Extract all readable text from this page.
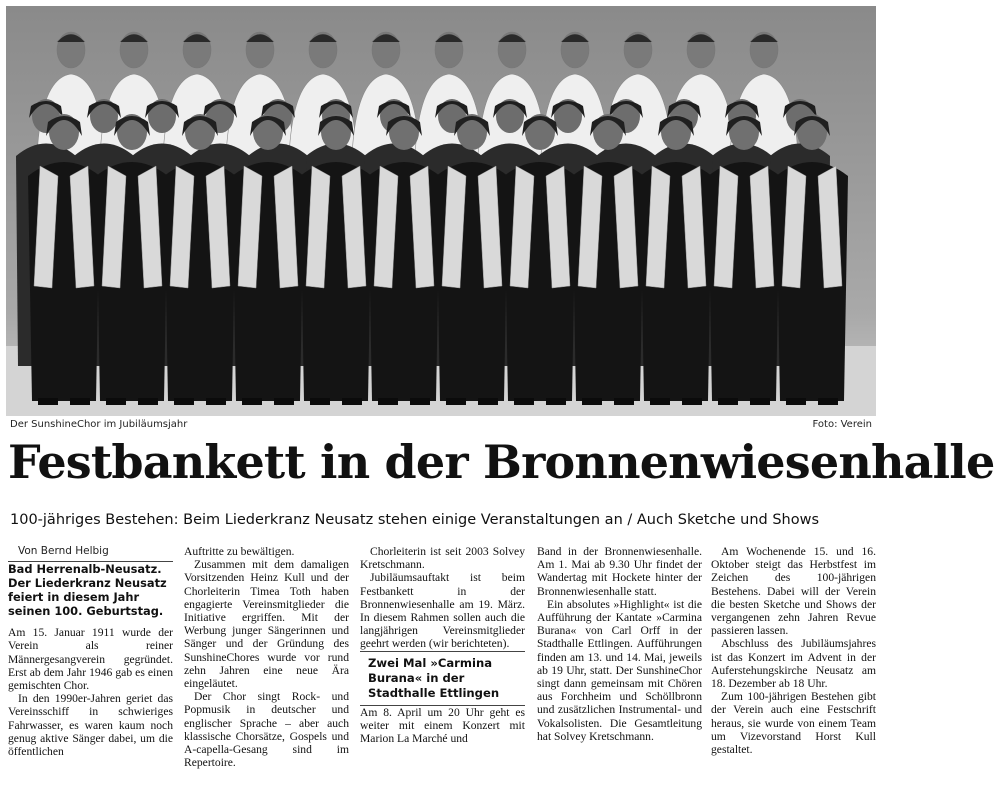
Der SunshineChor im Jubiläumsjahr	Foto: Verein
Festbankett in der Bronnenwiesenhalle
100-jähriges Bestehen: Beim Liederkranz Neusatz stehen einige Veranstaltungen an / Auch Sketche und Shows

Von Bernd Helbig

Bad Herrenalb-Neusatz. Der Liederkranz Neusatz feiert in diesem Jahr seinen 100. Geburtstag.

Am 15. Januar 1911 wurde der Verein als reiner Männergesangverein gegründet. Erst ab dem Jahr 1946 gab es einen gemischten Chor.

In den 1990er-Jahren geriet das Vereinsschiff in schwieriges Fahrwasser, es waren kaum noch genug aktive Sänger dabei, um die öffentlichen

Auftritte zu bewältigen.

Zusammen mit dem damaligen Vorsitzenden Heinz Kull und der Chorleiterin Timea Toth haben engagierte Vereinsmitglieder die Initiative ergriffen. Mit der Werbung junger Sängerinnen und Sänger und der Gründung des SunshineChores wurde vor rund zehn Jahren eine neue Ära eingeläutet.

Der Chor singt Rock- und Popmusik in deutscher und englischer Sprache – aber auch klassische Chorsätze, Gospels und A-capella-Gesang sind im Repertoire.

Chorleiterin ist seit 2003 Solvey Kretschmann.

Jubiläumsauftakt ist beim Festbankett in der Bronnenwiesenhalle am 19. März. In diesem Rahmen sollen auch die langjährigen Vereinsmitglieder geehrt werden (wir berichteten).

Zwei Mal »Carmina Burana« in der Stadthalle Ettlingen

Am 8. April um 20 Uhr geht es weiter mit einem Konzert mit Marion La Marché und

Band in der Bronnenwiesenhalle. Am 1. Mai ab 9.30 Uhr findet der Wandertag mit Hockete hinter der Bronnenwiesenhalle statt.

Ein absolutes »Highlight« ist die Aufführung der Kantate »Carmina Burana« von Carl Orff in der Stadthalle Ettlingen. Aufführungen finden am 13. und 14. Mai, jeweils ab 19 Uhr, statt. Der SunshineChor singt dann gemeinsam mit Chören aus Forchheim und Schöllbronn und zusätzlichen Instrumental- und Vokalsolisten. Die Gesamtleitung hat Solvey Kretschmann.

Am Wochenende 15. und 16. Oktober steigt das Herbstfest im Zeichen des 100-jährigen Bestehens. Dabei will der Verein die besten Sketche und Shows der vergangenen zehn Jahren Revue passieren lassen.

Abschluss des Jubiläumsjahres ist das Konzert im Advent in der Auferstehungskirche Neusatz am 18. Dezember ab 18 Uhr.

Zum 100-jährigen Bestehen gibt der Verein auch eine Festschrift heraus, sie wurde von einem Team um Vizevorstand Horst Kull gestaltet.
